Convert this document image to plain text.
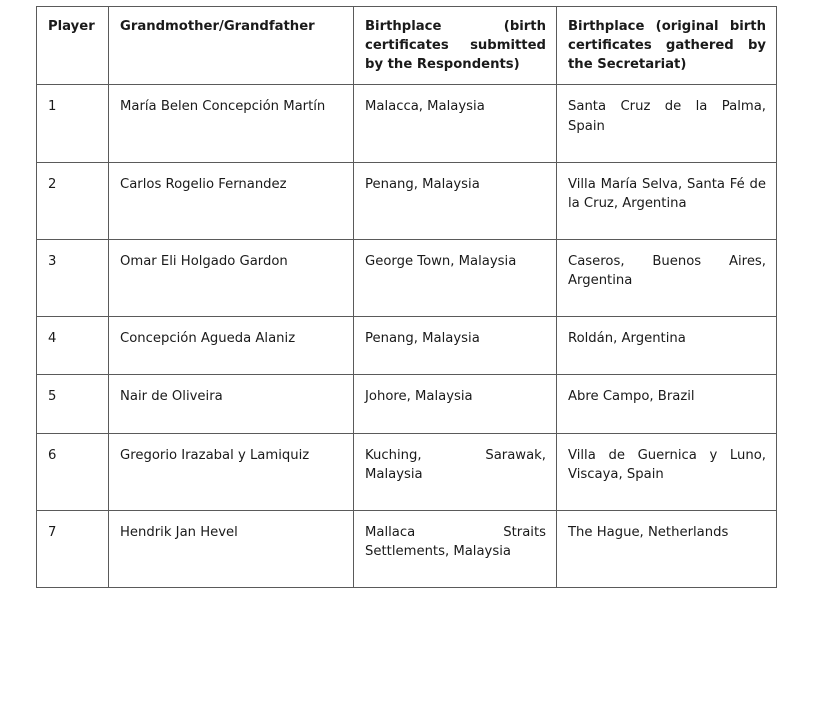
Player	Grandmother/Grandfather	Birthplace (birth certificates submitted by the Respondents)	Birthplace (original birth certificates gathered by the Secretariat)
1	María Belen Concepción Martín	Malacca, Malaysia	Santa Cruz de la Palma, Spain
2	Carlos Rogelio Fernandez	Penang, Malaysia	Villa María Selva, Santa Fé de la Cruz, Argentina
3	Omar Eli Holgado Gardon	George Town, Malaysia	Caseros, Buenos Aires, Argentina
4	Concepción Agueda Alaniz	Penang, Malaysia	Roldán, Argentina
5	Nair de Oliveira	Johore, Malaysia	Abre Campo, Brazil
6	Gregorio Irazabal y Lamiquiz	Kuching, Sarawak, Malaysia	Villa de Guernica y Luno, Viscaya, Spain
7	Hendrik Jan Hevel	Mallaca Straits Settlements, Malaysia	The Hague, Netherlands
